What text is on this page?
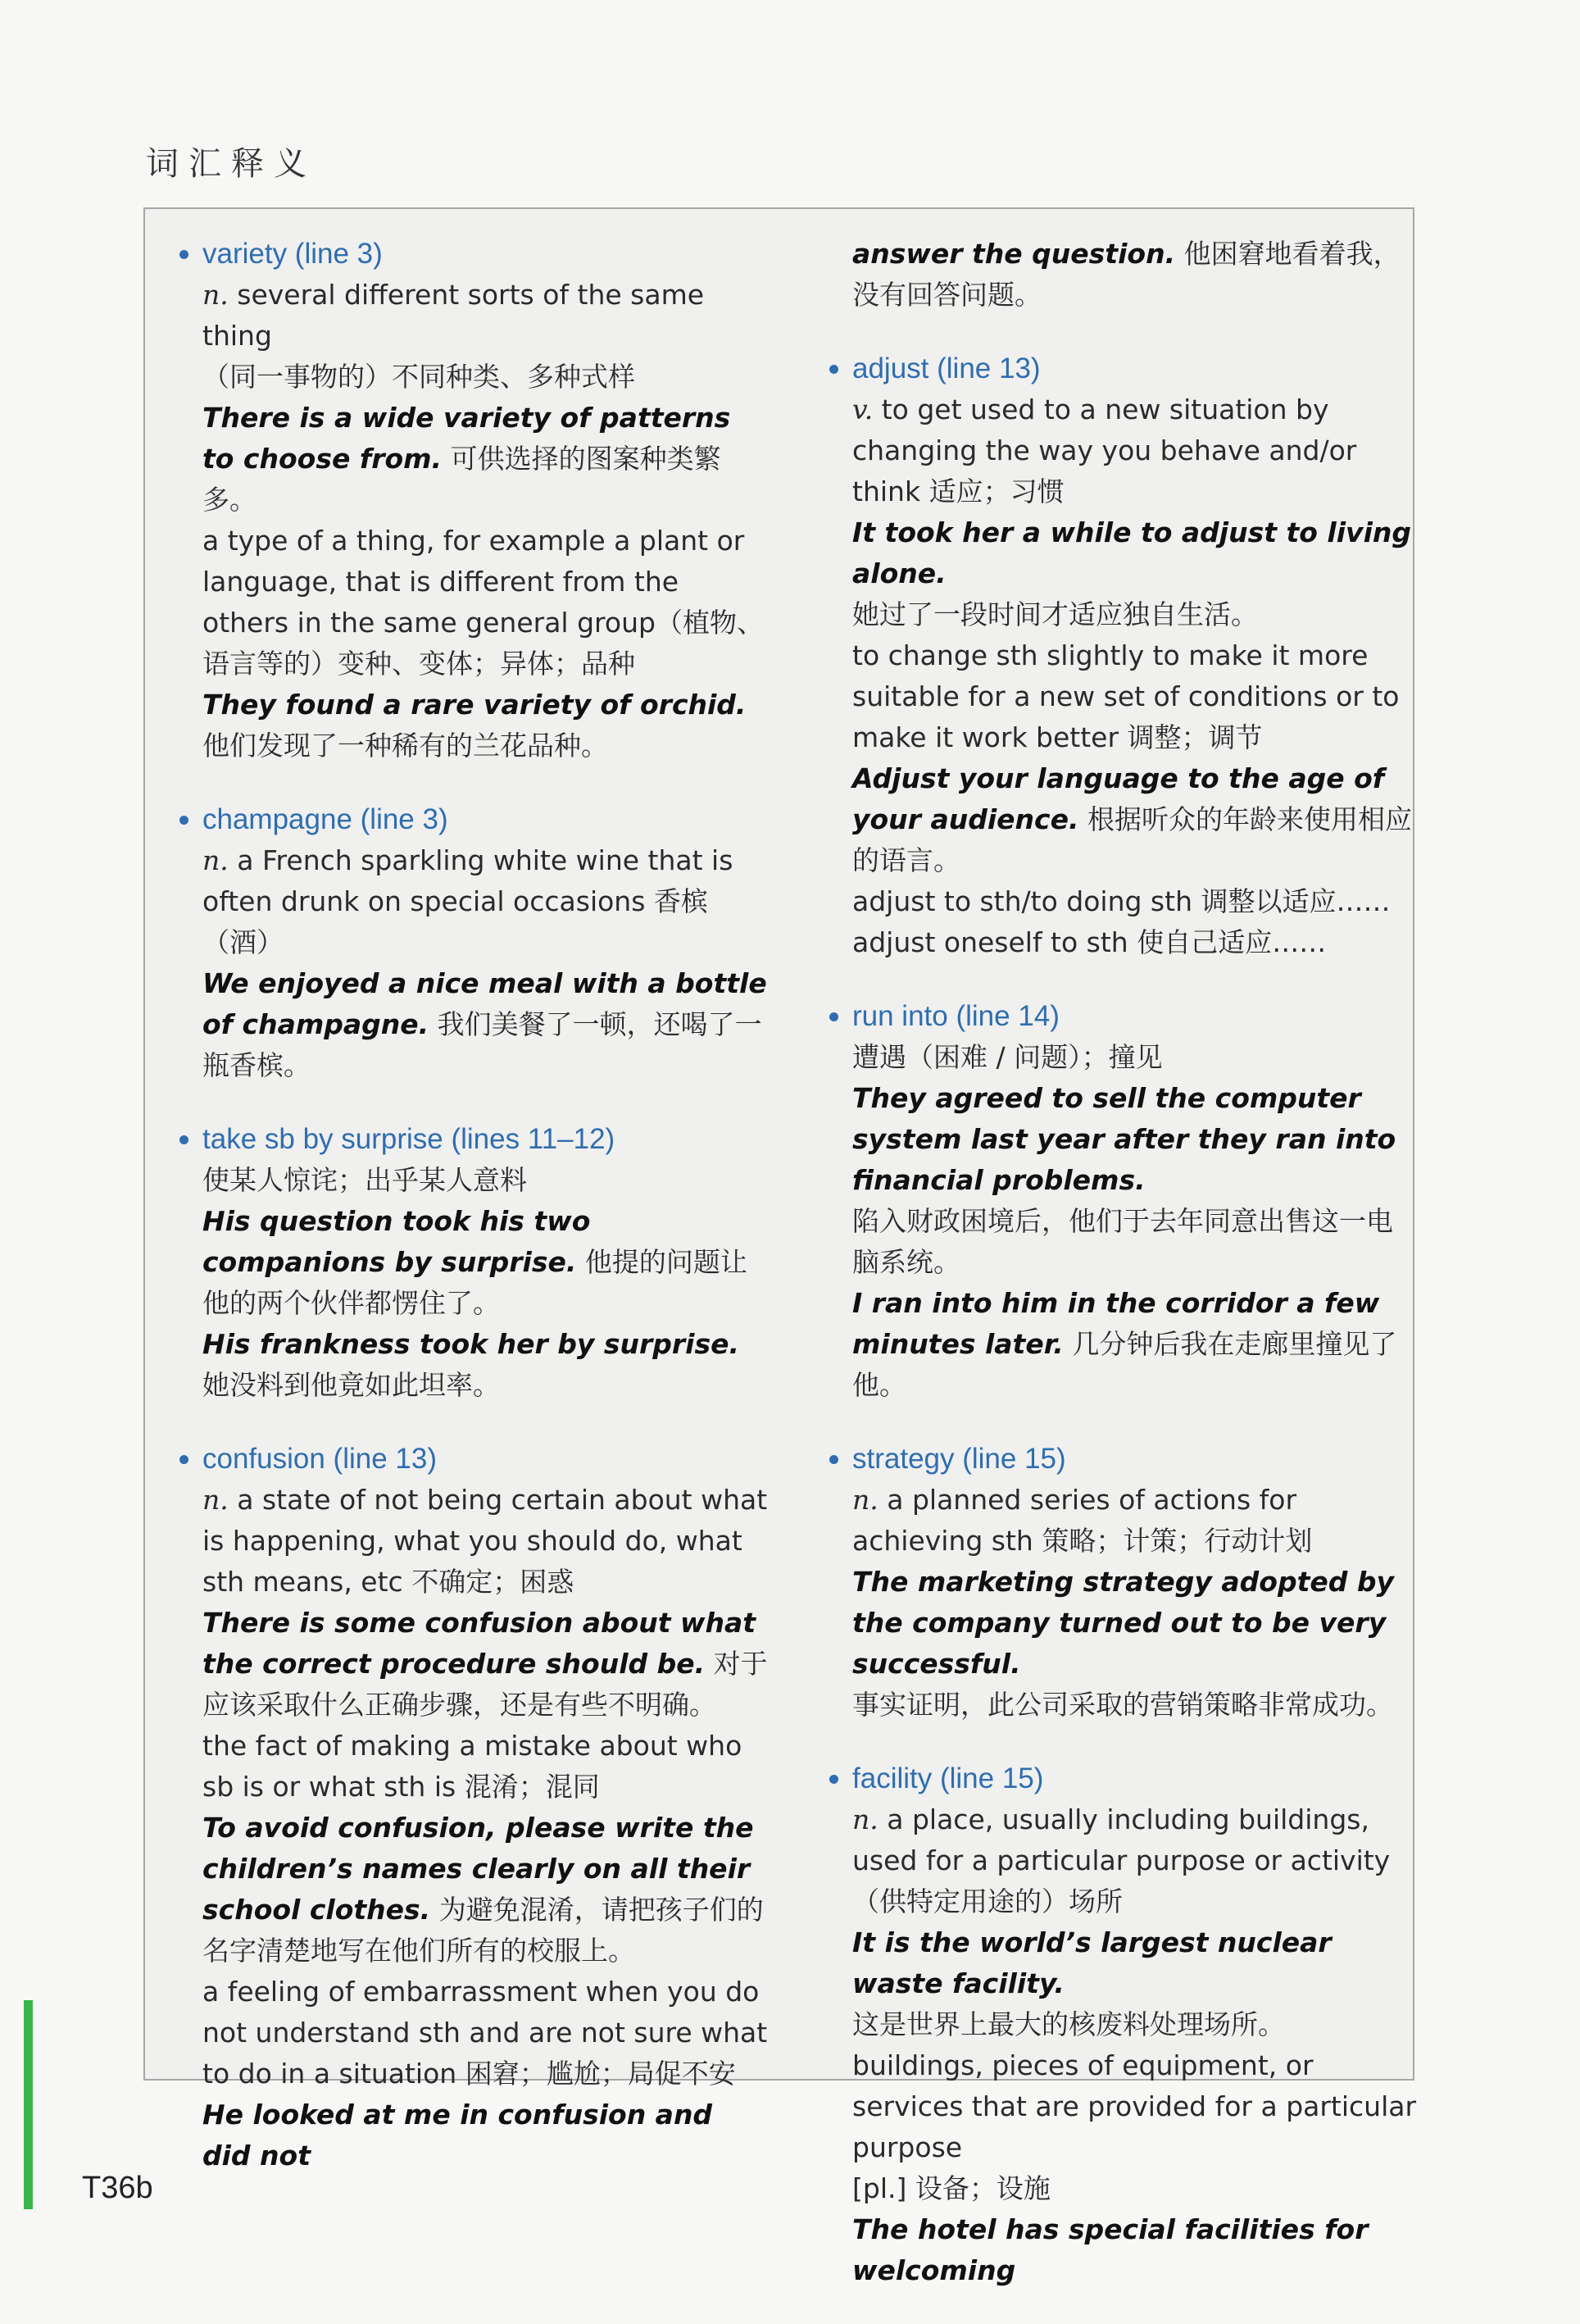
词汇释义
variety (line 3)

n. several different sorts of the same thing
（同一事物的）不同种类、多种式样

There is a wide variety of patterns to choose from. 可供选择的图案种类繁多。

a type of a thing, for example a plant or language, that is different from the others in the same general group（植物、语言等的）变种、变体；异体；品种

They found a rare variety of orchid. 他们发现了一种稀有的兰花品种。

champagne (line 3)

n. a French sparkling white wine that is often drunk on special occasions 香槟（酒）

We enjoyed a nice meal with a bottle of champagne. 我们美餐了一顿，还喝了一瓶香槟。

take sb by surprise (lines 11–12)

使某人惊诧；出乎某人意料

His question took his two companions by surprise. 他提的问题让他的两个伙伴都愣住了。

His frankness took her by surprise. 她没料到他竟如此坦率。

confusion (line 13)

n. a state of not being certain about what is happening, what you should do, what sth means, etc 不确定；困惑

There is some confusion about what the correct procedure should be. 对于应该采取什么正确步骤，还是有些不明确。

the fact of making a mistake about who sb is or what sth is 混淆；混同

To avoid confusion, please write the children’s names clearly on all their school clothes. 为避免混淆，请把孩子们的名字清楚地写在他们所有的校服上。

a feeling of embarrassment when you do not understand sth and are not sure what to do in a situation 困窘；尴尬；局促不安

He looked at me in confusion and did not

answer the question. 他困窘地看着我，没有回答问题。

adjust (line 13)

v. to get used to a new situation by changing the way you behave and/or think 适应；习惯

It took her a while to adjust to living alone.
她过了一段时间才适应独自生活。

to change sth slightly to make it more suitable for a new set of conditions or to make it work better 调整；调节

Adjust your language to the age of your audience. 根据听众的年龄来使用相应的语言。

adjust to sth/to doing sth 调整以适应……

adjust oneself to sth 使自己适应……

run into (line 14)

遭遇（困难 / 问题）；撞见

They agreed to sell the computer system last year after they ran into financial problems.
陷入财政困境后，他们于去年同意出售这一电脑系统。

I ran into him in the corridor a few minutes later. 几分钟后我在走廊里撞见了他。

strategy (line 15)

n. a planned series of actions for achieving sth 策略；计策；行动计划

The marketing strategy adopted by the company turned out to be very successful.
事实证明，此公司采取的营销策略非常成功。

facility (line 15)

n. a place, usually including buildings, used for a particular purpose or activity （供特定用途的）场所

It is the world’s largest nuclear waste facility.
这是世界上最大的核废料处理场所。

buildings, pieces of equipment, or services that are provided for a particular purpose
[pl.] 设备；设施

The hotel has special facilities for welcoming

T36b
